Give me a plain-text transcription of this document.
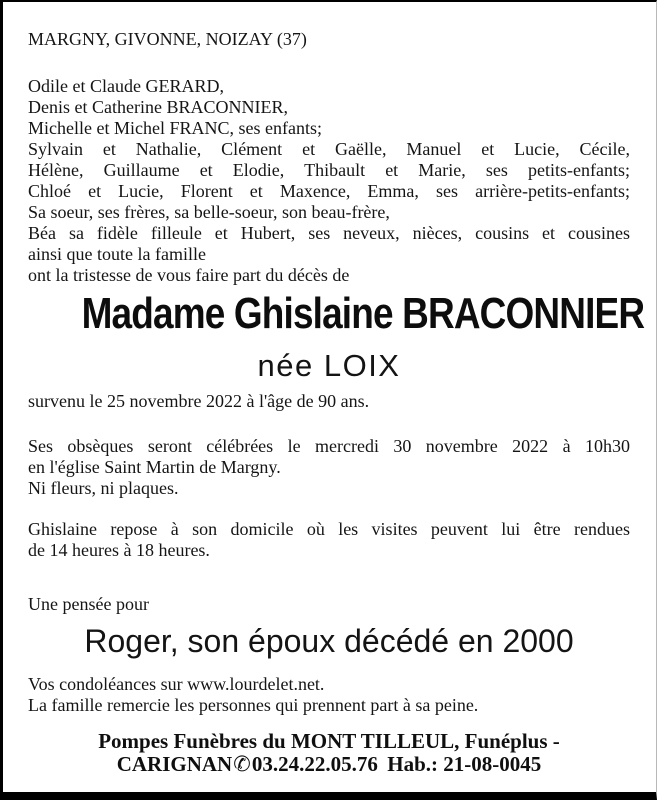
MARGNY, GIVONNE, NOIZAY (37)
Odile et Claude GERARD,
Denis et Catherine BRACONNIER,
Michelle et Michel FRANC, ses enfants;
Sylvain et Nathalie, Clément et Gaëlle, Manuel et Lucie, Cécile,
Hélène, Guillaume et Elodie, Thibault et Marie, ses petits-enfants;
Chloé et Lucie, Florent et Maxence, Emma, ses arrière-petits-enfants;
Sa soeur, ses frères, sa belle-soeur, son beau-frère,
Béa sa fidèle filleule et Hubert, ses neveux, nièces, cousins et cousines
ainsi que toute la famille
ont la tristesse de vous faire part du décès de
Madame Ghislaine BRACONNIER
née LOIX
survenu le 25 novembre 2022 à l'âge de 90 ans.
Ses obsèques seront célébrées le mercredi 30 novembre 2022 à 10h30
en l'église Saint Martin de Margny.
Ni fleurs, ni plaques.
Ghislaine repose à son domicile où les visites peuvent lui être rendues
de 14 heures à 18 heures.
Une pensée pour
Roger, son époux décédé en 2000
Vos condoléances sur www.lourdelet.net.
La famille remercie les personnes qui prennent part à sa peine.
Pompes Funèbres du MONT TILLEUL, Funéplus -
CARIGNAN✆03.24.22.05.76 Hab.: 21-08-0045
